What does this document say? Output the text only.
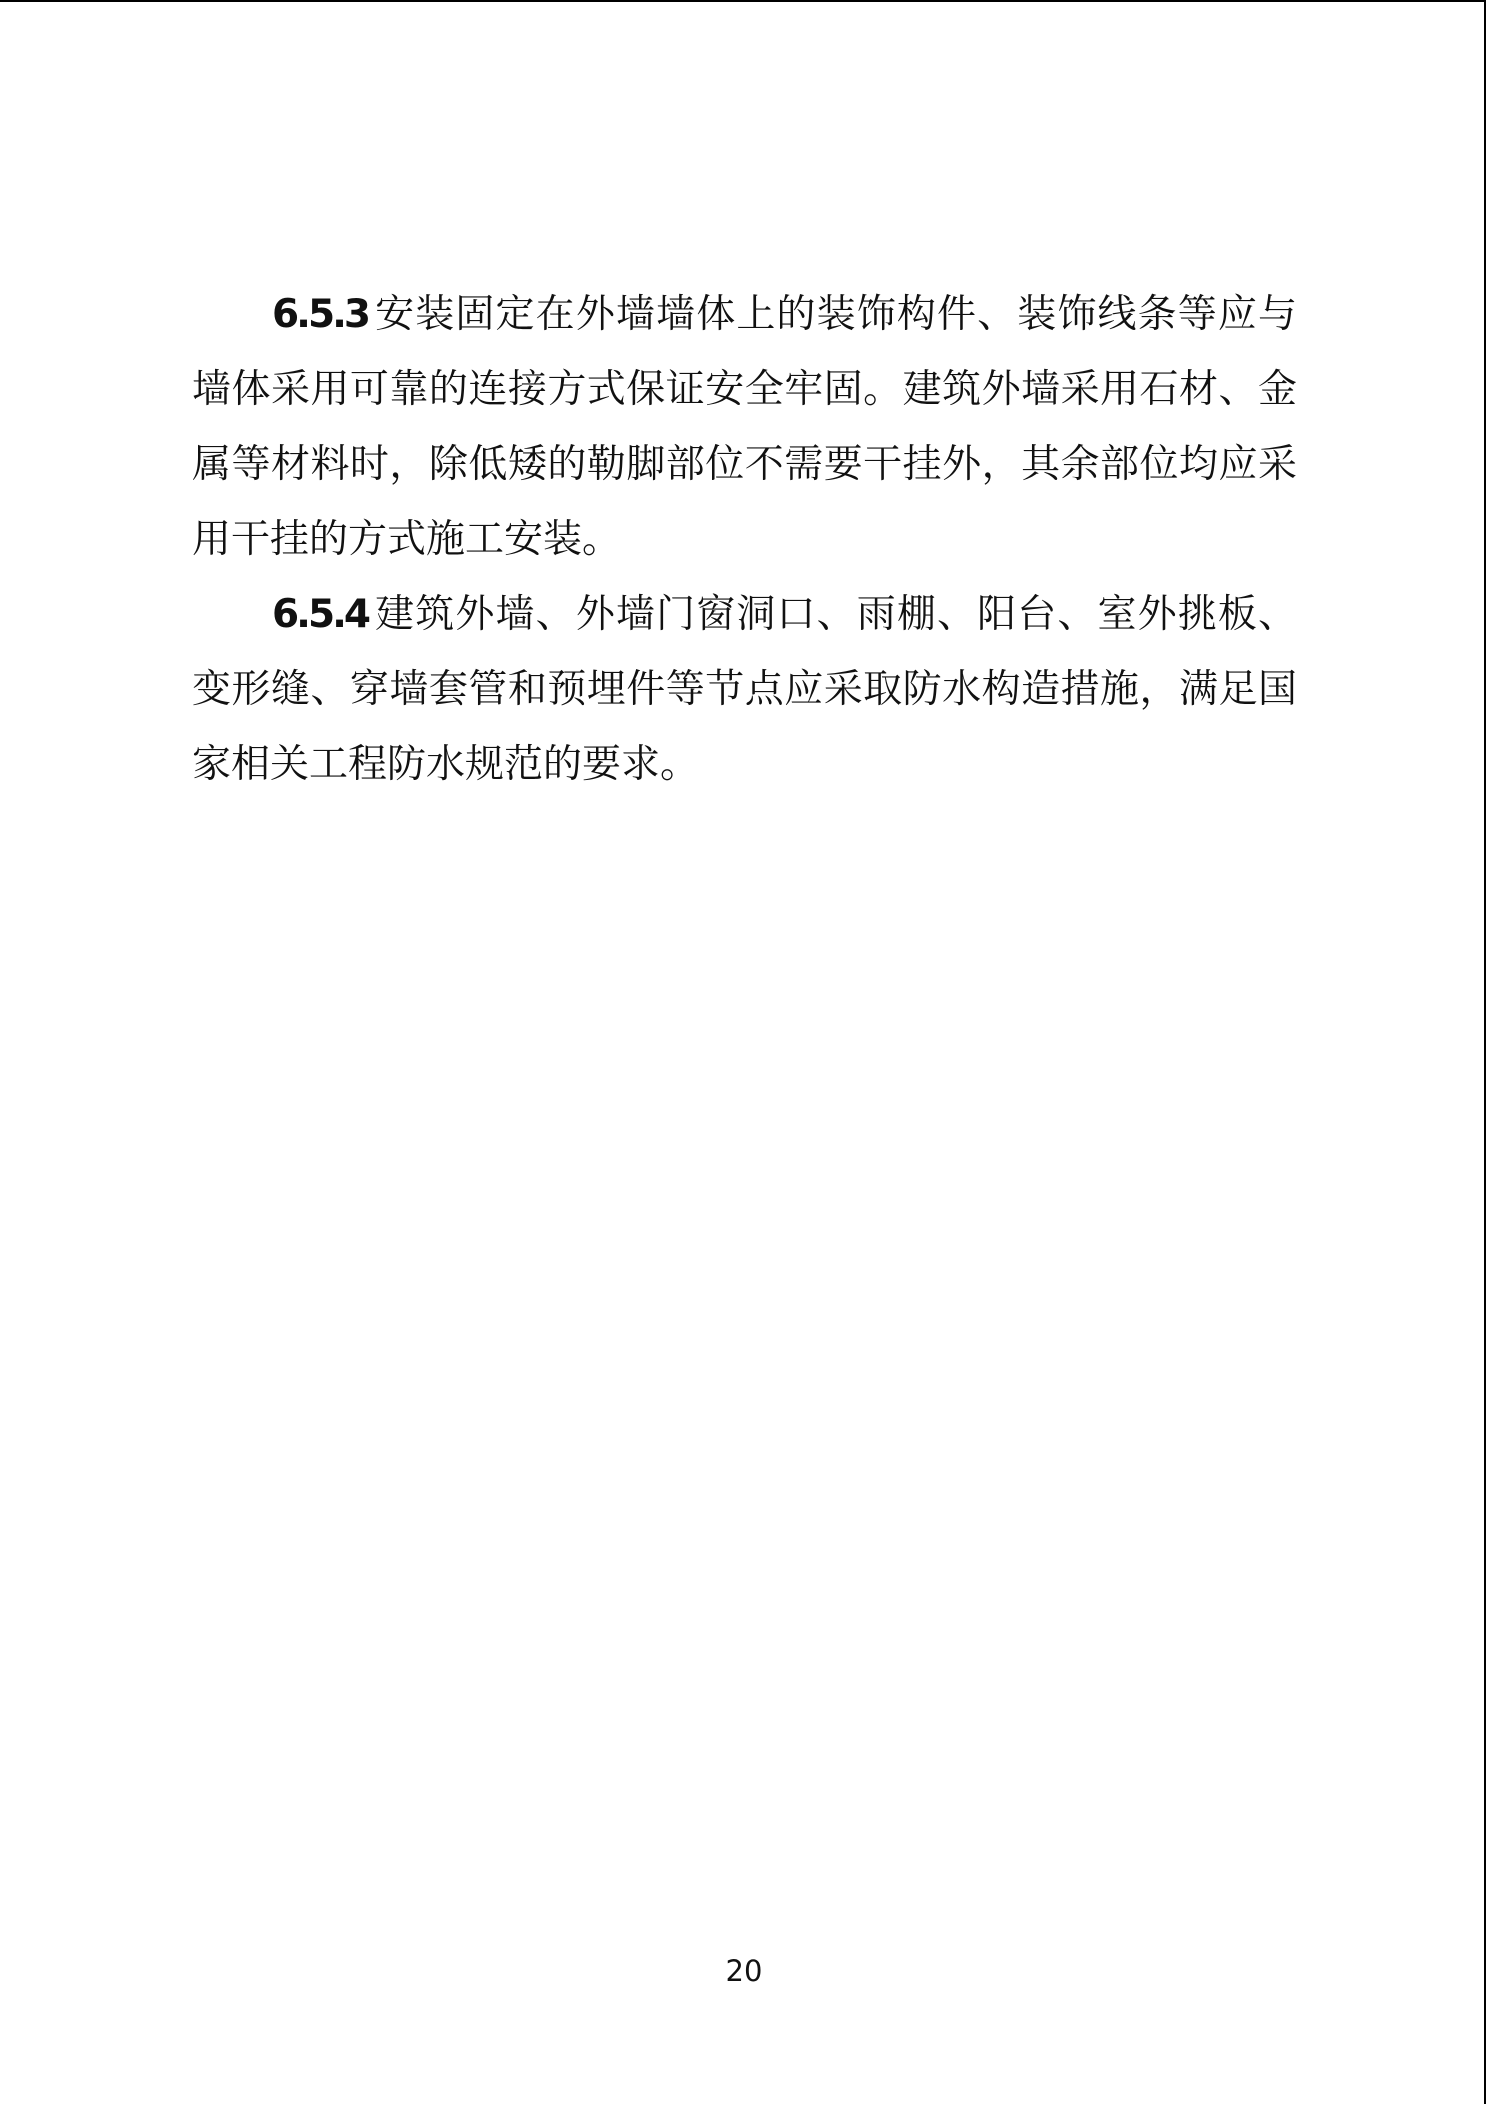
6.5.3 安装固定在外墙墙体上的装饰构件、装饰线条等应与墙体采用可靠的连接方式保证安全牢固。建筑外墙采用石材、金属等材料时，除低矮的勒脚部位不需要干挂外，其余部位均应采用干挂的方式施工安装。

6.5.4 建筑外墙、外墙门窗洞口、雨棚、阳台、室外挑板、变形缝、穿墙套管和预埋件等节点应采取防水构造措施，满足国家相关工程防水规范的要求。

20
